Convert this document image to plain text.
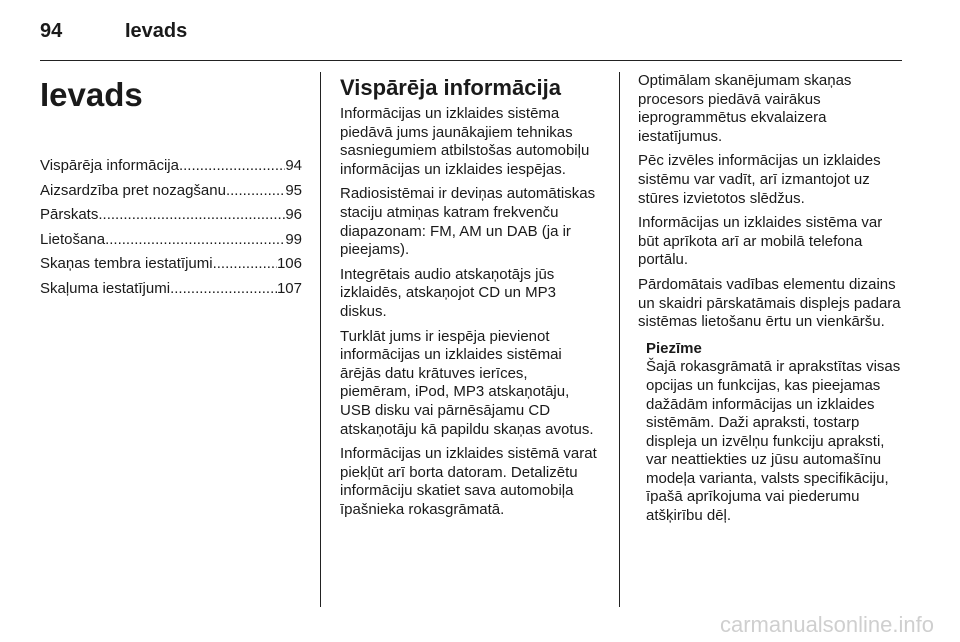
94	Ievads
Ievads
Vispārēja informācija .....	94
Aizsardzība pret nozagšanu .....	95
Pārskats .....	96
Lietošana .....	99
Skaņas tembra iestatījumi .....	106
Skaļuma iestatījumi .....	107
Vispārēja informācija

Informācijas un izklaides sistēma piedāvā jums jaunākajiem tehnikas sasniegumiem atbilstošas automobiļu informācijas un izklaides iespējas.

Radiosistēmai ir deviņas automātiskas staciju atmiņas katram frekvenču diapazonam: FM, AM un DAB (ja ir pieejams).

Integrētais audio atskaņotājs jūs izklaidēs, atskaņojot CD un MP3 diskus.

Turklāt jums ir iespēja pievienot informācijas un izklaides sistēmai ārējās datu krātuves ierīces, piemēram, iPod, MP3 atskaņotāju, USB disku vai pārnēsājamu CD atskaņotāju kā papildu skaņas avotus.

Informācijas un izklaides sistēmā varat piekļūt arī borta datoram. Detalizētu informāciju skatiet sava automobiļa īpašnieka rokasgrāmatā.

Optimālam skanējumam skaņas procesors piedāvā vairākus ieprogrammētus ekvalaizera iestatījumus.

Pēc izvēles informācijas un izklaides sistēmu var vadīt, arī izmantojot uz stūres izvietotos slēdžus.

Informācijas un izklaides sistēma var būt aprīkota arī ar mobilā telefona portālu.

Pārdomātais vadības elementu dizains un skaidri pārskatāmais displejs padara sistēmas lietošanu ērtu un vienkāršu.

Piezīme

Šajā rokasgrāmatā ir aprakstītas visas opcijas un funkcijas, kas pieejamas dažādām informācijas un izklaides sistēmām. Daži apraksti, tostarp displeja un izvēlņu funkciju apraksti, var neattiekties uz jūsu automašīnu modeļa varianta, valsts specifikāciju, īpašā aprīkojuma vai piederumu atšķirību dēļ.

carmanualsonline.info
